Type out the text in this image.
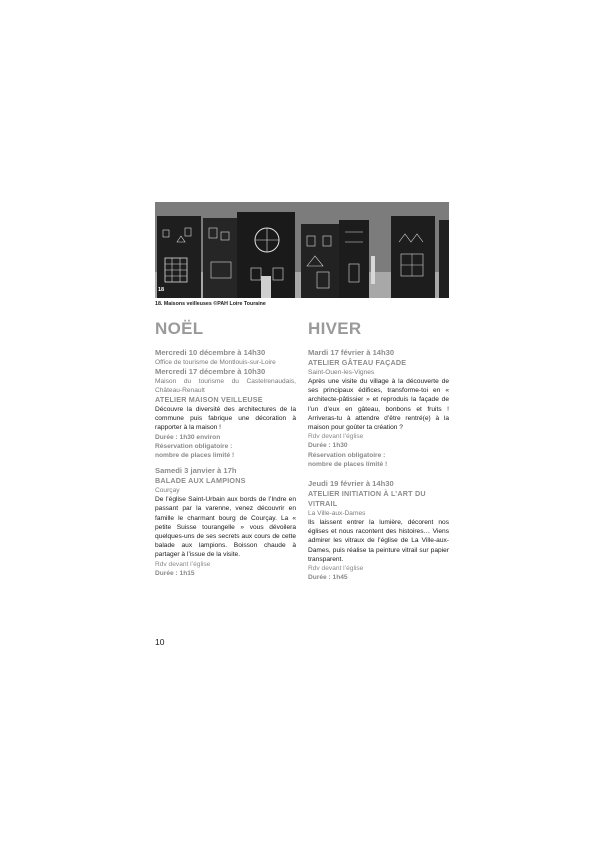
18
18. Maisons veilleuses ©PAH Loire Touraine
NOËL
Mercredi 10 décembre à 14h30
Office de tourisme de Montlouis-sur-Loire
Mercredi 17 décembre à 10h30
Maison du tourisme du Castelrenaudais, Château-Renault
ATELIER MAISON VEILLEUSE
Découvre la diversité des architectures de la commune puis fabrique une décoration à rapporter à la maison !
Durée : 1h30 environ
Réservation obligatoire :
nombre de places limité !
Samedi 3 janvier à 17h
BALADE AUX LAMPIONS
Courçay
De l’église Saint-Urbain aux bords de l’Indre en passant par la varenne, venez découvrir en famille le charmant bourg de Courçay. La « petite Suisse tourangelle » vous dévoilera quelques-uns de ses secrets aux cours de cette balade aux lampions. Boisson chaude à partager à l’issue de la visite.
Rdv devant l’église
Durée : 1h15
HIVER
Mardi 17 février à 14h30
ATELIER GÂTEAU FAÇADE
Saint-Ouen-les-Vignes
Après une visite du village à la découverte de ses principaux édifices, transforme-toi en « architecte-pâtissier » et reproduis la façade de l’un d’eux en gâteau, bonbons et fruits ! Arriveras-tu à attendre d’être rentré(e) à la maison pour goûter ta création ?
Rdv devant l’église
Durée : 1h30
Réservation obligatoire :
nombre de places limité !
Jeudi 19 février à 14h30
ATELIER INITIATION À L’ART DU VITRAIL
La Ville-aux-Dames
Ils laissent entrer la lumière, décorent nos églises et nous racontent des histoires… Viens admirer les vitraux de l’église de La Ville-aux-Dames, puis réalise ta peinture vitrail sur papier transparent.
Rdv devant l’église
Durée : 1h45
10
